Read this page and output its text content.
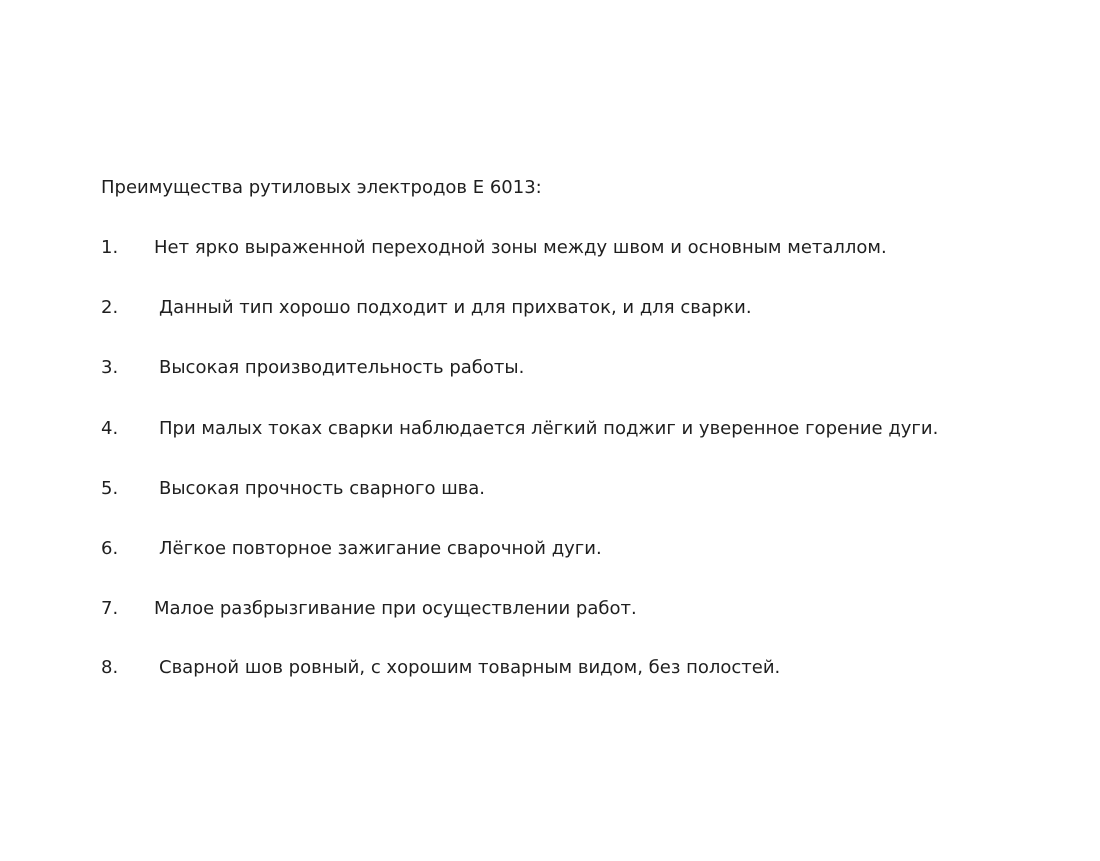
Преимущества рутиловых электродов Е 6013:
1. Нет ярко выраженной переходной зоны между швом и основным металлом.
2. Данный тип хорошо подходит и для прихваток, и для сварки.
3. Высокая производительность работы.
4. При малых токах сварки наблюдается лёгкий поджиг и уверенное горение дуги.
5. Высокая прочность сварного шва.
6. Лёгкое повторное зажигание сварочной дуги.
7. Малое разбрызгивание при осуществлении работ.
8. Сварной шов ровный, с хорошим товарным видом, без полостей.
